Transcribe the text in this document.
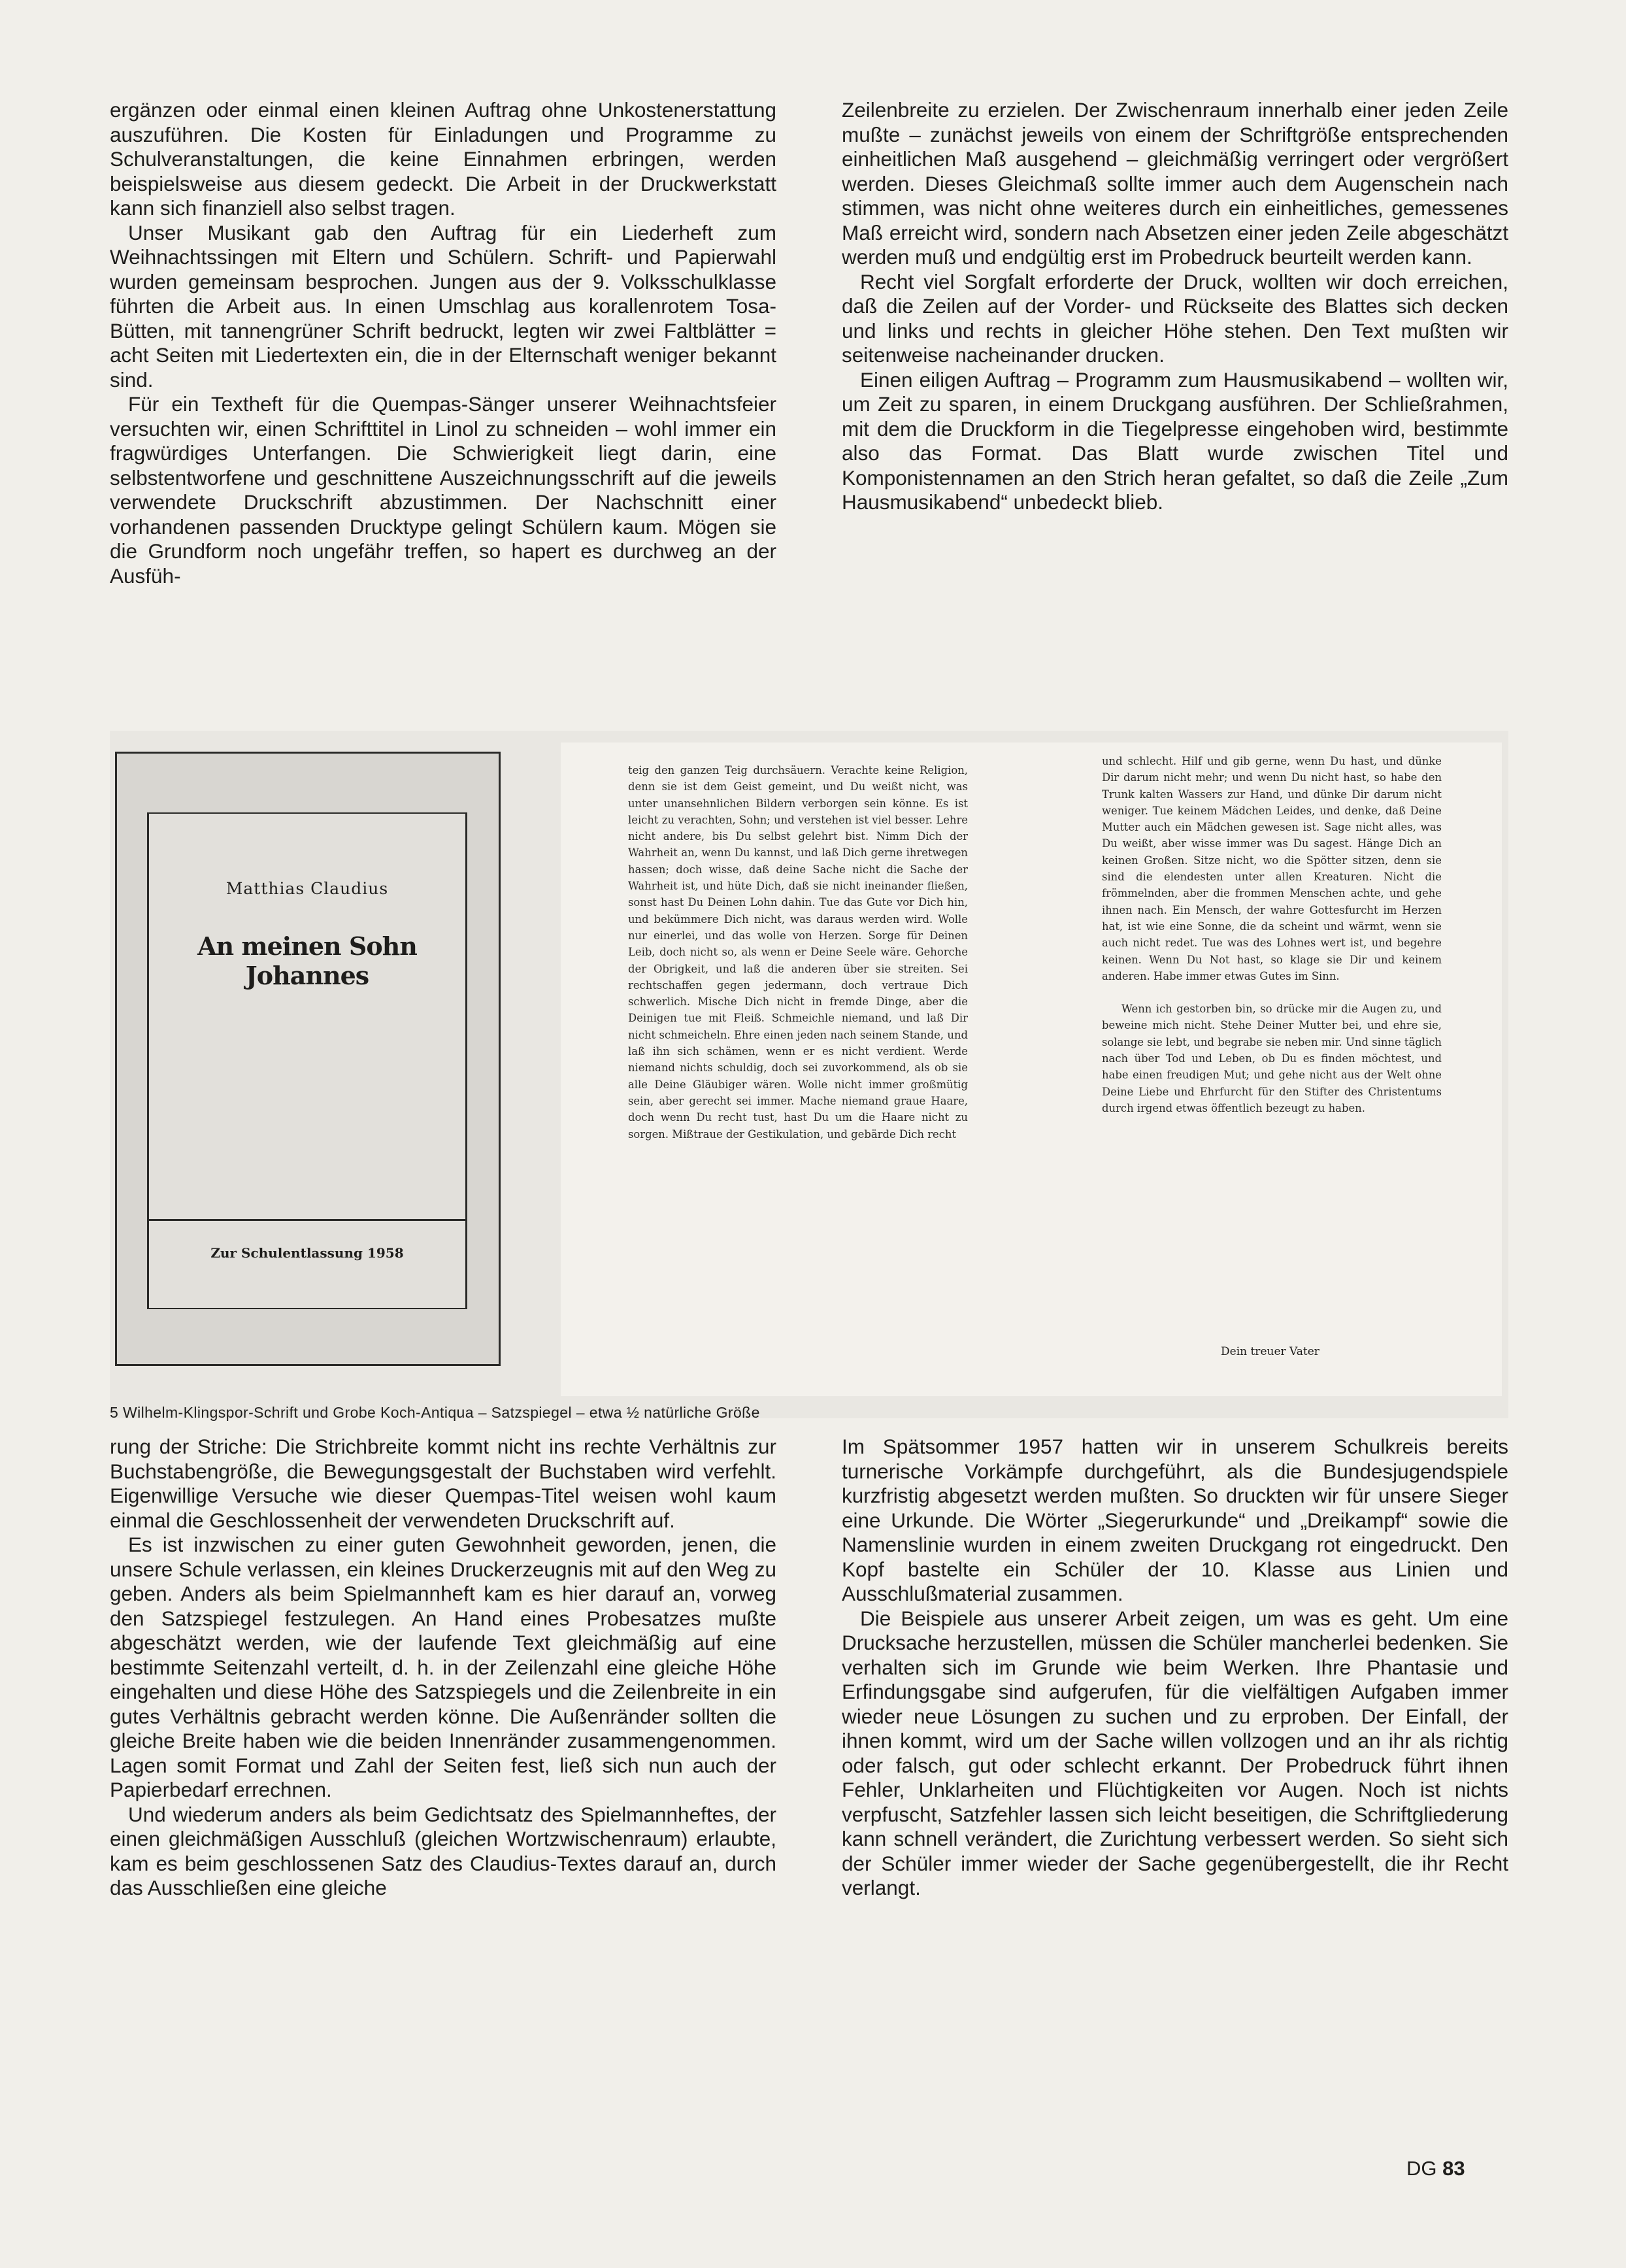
ergänzen oder einmal einen kleinen Auftrag ohne Unkostenerstattung auszuführen. Die Kosten für Einladungen und Programme zu Schulveranstaltungen, die keine Einnahmen erbringen, werden beispielsweise aus diesem gedeckt. Die Arbeit in der Druckwerkstatt kann sich finanziell also selbst tragen.

Unser Musikant gab den Auftrag für ein Liederheft zum Weihnachtssingen mit Eltern und Schülern. Schrift- und Papierwahl wurden gemeinsam besprochen. Jungen aus der 9. Volksschulklasse führten die Arbeit aus. In einen Umschlag aus korallenrotem Tosa-Bütten, mit tannengrüner Schrift bedruckt, legten wir zwei Faltblätter = acht Seiten mit Liedertexten ein, die in der Elternschaft weniger bekannt sind.

Für ein Textheft für die Quempas-Sänger unserer Weihnachtsfeier versuchten wir, einen Schrifttitel in Linol zu schneiden – wohl immer ein fragwürdiges Unterfangen. Die Schwierigkeit liegt darin, eine selbstentworfene und geschnittene Auszeichnungsschrift auf die jeweils verwendete Druckschrift abzustimmen. Der Nachschnitt einer vorhandenen passenden Drucktype gelingt Schülern kaum. Mögen sie die Grundform noch ungefähr treffen, so hapert es durchweg an der Ausfüh-

Zeilenbreite zu erzielen. Der Zwischenraum innerhalb einer jeden Zeile mußte – zunächst jeweils von einem der Schriftgröße entsprechenden einheitlichen Maß ausgehend – gleichmäßig verringert oder vergrößert werden. Dieses Gleichmaß sollte immer auch dem Augenschein nach stimmen, was nicht ohne weiteres durch ein einheitliches, gemessenes Maß erreicht wird, sondern nach Absetzen einer jeden Zeile abgeschätzt werden muß und endgültig erst im Probedruck beurteilt werden kann.

Recht viel Sorgfalt erforderte der Druck, wollten wir doch erreichen, daß die Zeilen auf der Vorder- und Rückseite des Blattes sich decken und links und rechts in gleicher Höhe stehen. Den Text mußten wir seitenweise nacheinander drucken.

Einen eiligen Auftrag – Programm zum Hausmusikabend – wollten wir, um Zeit zu sparen, in einem Druckgang ausführen. Der Schließrahmen, mit dem die Druckform in die Tiegelpresse eingehoben wird, bestimmte also das Format. Das Blatt wurde zwischen Titel und Komponistennamen an den Strich heran gefaltet, so daß die Zeile „Zum Hausmusikabend“ unbedeckt blieb.

Matthias Claudius
An meinen Sohn Johannes
Zur Schulentlassung 1958

teig den ganzen Teig durchsäuern. Verachte keine Religion, denn sie ist dem Geist gemeint, und Du weißt nicht, was unter unansehnlichen Bildern verborgen sein könne. Es ist leicht zu verachten, Sohn; und verstehen ist viel besser. Lehre nicht andere, bis Du selbst gelehrt bist. Nimm Dich der Wahrheit an, wenn Du kannst, und laß Dich gerne ihretwegen hassen; doch wisse, daß deine Sache nicht die Sache der Wahrheit ist, und hüte Dich, daß sie nicht ineinander fließen, sonst hast Du Deinen Lohn dahin. Tue das Gute vor Dich hin, und bekümmere Dich nicht, was daraus werden wird. Wolle nur einerlei, und das wolle von Herzen. Sorge für Deinen Leib, doch nicht so, als wenn er Deine Seele wäre. Gehorche der Obrigkeit, und laß die anderen über sie streiten. Sei rechtschaffen gegen jedermann, doch vertraue Dich schwerlich. Mische Dich nicht in fremde Dinge, aber die Deinigen tue mit Fleiß. Schmeichle niemand, und laß Dir nicht schmeicheln. Ehre einen jeden nach seinem Stande, und laß ihn sich schämen, wenn er es nicht verdient. Werde niemand nichts schuldig, doch sei zuvorkommend, als ob sie alle Deine Gläubiger wären. Wolle nicht immer großmütig sein, aber gerecht sei immer. Mache niemand graue Haare, doch wenn Du recht tust, hast Du um die Haare nicht zu sorgen. Mißtraue der Gestikulation, und gebärde Dich recht

und schlecht. Hilf und gib gerne, wenn Du hast, und dünke Dir darum nicht mehr; und wenn Du nicht hast, so habe den Trunk kalten Wassers zur Hand, und dünke Dir darum nicht weniger. Tue keinem Mädchen Leides, und denke, daß Deine Mutter auch ein Mädchen gewesen ist. Sage nicht alles, was Du weißt, aber wisse immer was Du sagest. Hänge Dich an keinen Großen. Sitze nicht, wo die Spötter sitzen, denn sie sind die elendesten unter allen Kreaturen. Nicht die frömmelnden, aber die frommen Menschen achte, und gehe ihnen nach. Ein Mensch, der wahre Gottesfurcht im Herzen hat, ist wie eine Sonne, die da scheint und wärmt, wenn sie auch nicht redet. Tue was des Lohnes wert ist, und begehre keinen. Wenn Du Not hast, so klage sie Dir und keinem anderen. Habe immer etwas Gutes im Sinn.

Wenn ich gestorben bin, so drücke mir die Augen zu, und beweine mich nicht. Stehe Deiner Mutter bei, und ehre sie, solange sie lebt, und begrabe sie neben mir. Und sinne täglich nach über Tod und Leben, ob Du es finden möchtest, und habe einen freudigen Mut; und gehe nicht aus der Welt ohne Deine Liebe und Ehrfurcht für den Stifter des Christentums durch irgend etwas öffentlich bezeugt zu haben.

Dein treuer Vater
5 Wilhelm-Klingspor-Schrift und Grobe Koch-Antiqua – Satzspiegel – etwa ½ natürliche Größe

rung der Striche: Die Strichbreite kommt nicht ins rechte Verhältnis zur Buchstabengröße, die Bewegungsgestalt der Buchstaben wird verfehlt. Eigenwillige Versuche wie dieser Quempas-Titel weisen wohl kaum einmal die Geschlossenheit der verwendeten Druckschrift auf.

Es ist inzwischen zu einer guten Gewohnheit geworden, jenen, die unsere Schule verlassen, ein kleines Druckerzeugnis mit auf den Weg zu geben. Anders als beim Spielmannheft kam es hier darauf an, vorweg den Satzspiegel festzulegen. An Hand eines Probesatzes mußte abgeschätzt werden, wie der laufende Text gleichmäßig auf eine bestimmte Seitenzahl verteilt, d. h. in der Zeilenzahl eine gleiche Höhe eingehalten und diese Höhe des Satzspiegels und die Zeilenbreite in ein gutes Verhältnis gebracht werden könne. Die Außenränder sollten die gleiche Breite haben wie die beiden Innenränder zusammengenommen. Lagen somit Format und Zahl der Seiten fest, ließ sich nun auch der Papierbedarf errechnen.

Und wiederum anders als beim Gedichtsatz des Spielmannheftes, der einen gleichmäßigen Ausschluß (gleichen Wortzwischenraum) erlaubte, kam es beim geschlossenen Satz des Claudius-Textes darauf an, durch das Ausschließen eine gleiche

Im Spätsommer 1957 hatten wir in unserem Schulkreis bereits turnerische Vorkämpfe durchgeführt, als die Bundesjugendspiele kurzfristig abgesetzt werden mußten. So druckten wir für unsere Sieger eine Urkunde. Die Wörter „Siegerurkunde“ und „Dreikampf“ sowie die Namenslinie wurden in einem zweiten Druckgang rot eingedruckt. Den Kopf bastelte ein Schüler der 10. Klasse aus Linien und Ausschlußmaterial zusammen.

Die Beispiele aus unserer Arbeit zeigen, um was es geht. Um eine Drucksache herzustellen, müssen die Schüler mancherlei bedenken. Sie verhalten sich im Grunde wie beim Werken. Ihre Phantasie und Erfindungsgabe sind aufgerufen, für die vielfältigen Aufgaben immer wieder neue Lösungen zu suchen und zu erproben. Der Einfall, der ihnen kommt, wird um der Sache willen vollzogen und an ihr als richtig oder falsch, gut oder schlecht erkannt. Der Probedruck führt ihnen Fehler, Unklarheiten und Flüchtigkeiten vor Augen. Noch ist nichts verpfuscht, Satzfehler lassen sich leicht beseitigen, die Schriftgliederung kann schnell verändert, die Zurichtung verbessert werden. So sieht sich der Schüler immer wieder der Sache gegenübergestellt, die ihr Recht verlangt.

DG 83
